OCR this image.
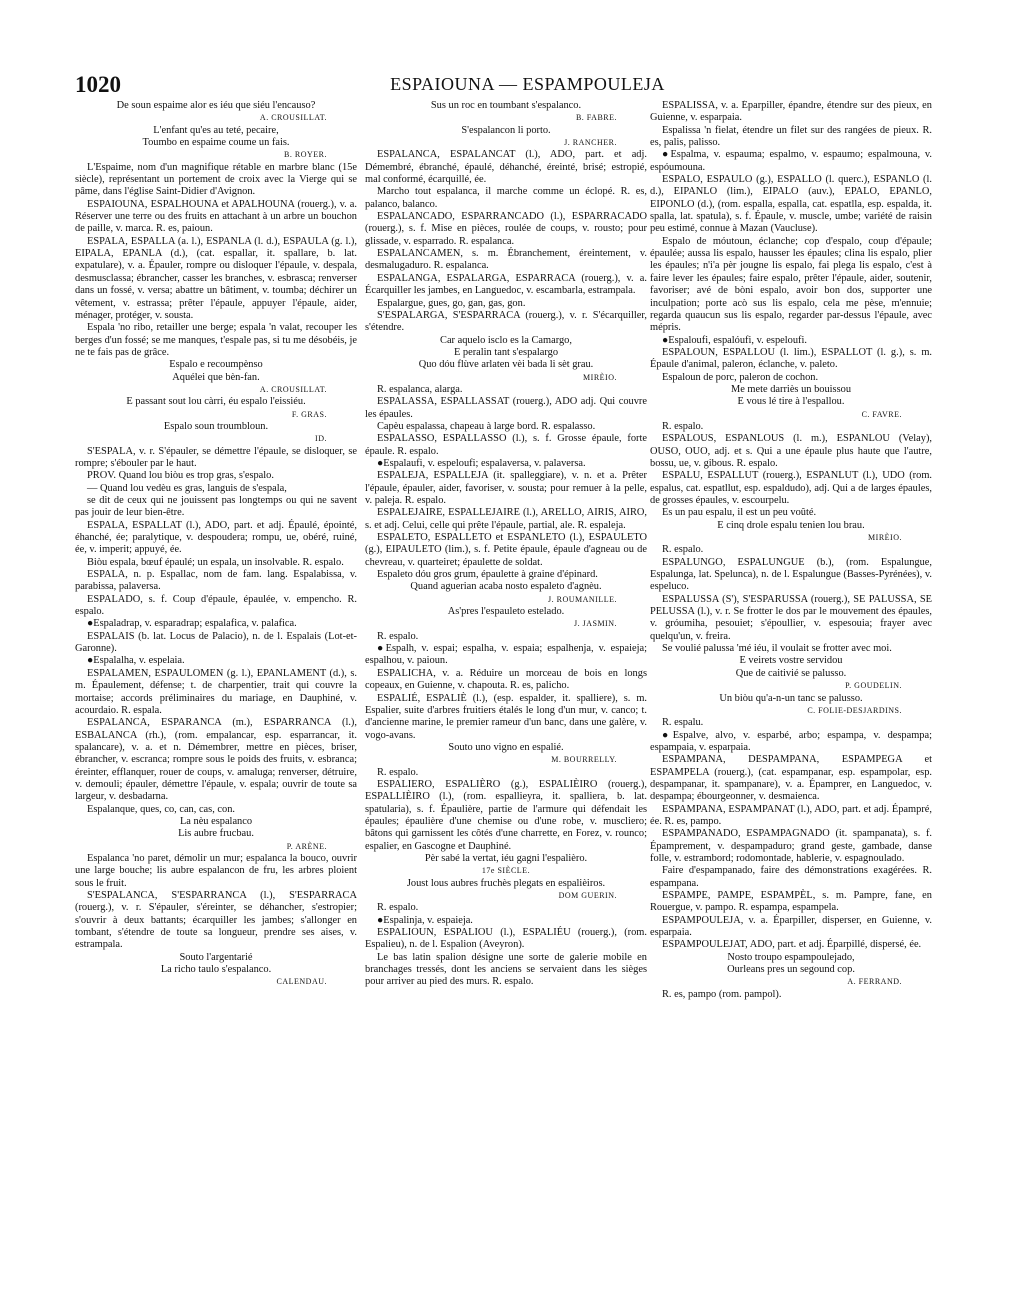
1020	ESPAIOUNA — ESPAMPOULEJA

De soun espaime alor es iéu que siéu l'encauso?

A. CROUSILLAT.

L'enfant qu'es au teté, pecaire,

Toumbo en espaime coume un fais.

B. ROYER.

L'Espaime, nom d'un magnifique rétable en marbre blanc (15e siècle), représentant un portement de croix avec la Vierge qui se pâme, dans l'église Saint-Didier d'Avignon.

ESPAIOUNA, ESPALHOUNA et APALHOUNA (rouerg.), v. a. Réserver une terre ou des fruits en attachant à un arbre un bouchon de paille, v. marca. R. es, paioun.

ESPALA, ESPALLA (a. l.), ESPANLA (l. d.), ESPAULA (g. l.), EIPALA, EPANLA (d.), (cat. espallar, it. spallare, b. lat. expatulare), v. a. Épauler, rompre ou disloquer l'épaule, v. despala, desmusclassa; ébrancher, casser les branches, v. esbrasca; renverser dans un fossé, v. versa; abattre un bâtiment, v. toumba; déchirer un vêtement, v. estrassa; prêter l'épaule, appuyer l'épaule, aider, ménager, protéger, v. sousta.

Espala 'no ribo, retailler une berge; espala 'n valat, recouper les berges d'un fossé; se me manques, t'espale pas, si tu me désobéis, je ne te fais pas de grâce.

Espalo e recoumpènso

Aquélei que bèn-fan.

A. CROUSILLAT.

E passant sout lou càrri, éu espalo l'eissiéu.

F. GRAS.

Espalo soun troumbloun.

ID.

S'ESPALA, v. r. S'épauler, se démettre l'épaule, se disloquer, se rompre; s'ébouler par le haut.

PROV. Quand lou biòu es trop gras, s'espalo.

— Quand lou vedèu es gras, languis de s'espala,

se dit de ceux qui ne jouissent pas longtemps ou qui ne savent pas jouir de leur bien-être.

ESPALA, ESPALLAT (l.), ADO, part. et adj. Épaulé, épointé, éhanché, ée; paralytique, v. despoudera; rompu, ue, obéré, ruiné, ée, v. imperit; appuyé, ée.

Biòu espala, bœuf épaulé; un espala, un insolvable. R. espalo.

ESPALA, n. p. Espallac, nom de fam. lang. Espalabissa, v. parabissa, palaversa.

ESPALADO, s. f. Coup d'épaule, épaulée, v. empencho. R. espalo.

●Espaladrap, v. esparadrap; espalafica, v. palafica.

ESPALAIS (b. lat. Locus de Palacio), n. de l. Espalais (Lot-et-Garonne).

●Espalalha, v. espelaia.

ESPALAMEN, ESPAULOMEN (g. l.), EPANLAMENT (d.), s. m. Épaulement, défense; t. de charpentier, trait qui couvre la mortaise; accords préliminaires du mariage, en Dauphiné, v. acourdaio. R. espala.

ESPALANCA, ESPARANCA (m.), ESPARRANCA (l.), ESBALANCA (rh.), (rom. empalancar, esp. esparrancar, it. spalancare), v. a. et n. Démembrer, mettre en pièces, briser, ébrancher, v. escranca; rompre sous le poids des fruits, v. esbranca; éreinter, efflanquer, rouer de coups, v. amaluga; renverser, détruire, v. demouli; épauler, démettre l'épaule, v. espala; ouvrir de toute sa largeur, v. desbadarna.

Espalanque, ques, co, can, cas, con.

La nèu espalanco

Lis aubre frucbau.

P. ARÈNE.

Espalanca 'no paret, démolir un mur; espalanca la bouco, ouvrir une large bouche; lis aubre espalancon de fru, les arbres ploient sous le fruit.

S'ESPALANCA, S'ESPARRANCA (l.), S'ESPARRACA (rouerg.), v. r. S'épauler, s'éreinter, se déhancher, s'estropier; s'ouvrir à deux battants; écarquiller les jambes; s'allonger en tombant, s'étendre de toute sa longueur, prendre ses aises, v. estrampala.

Souto l'argentarié

La richo taulo s'espalanco.

CALENDAU.

Sus un roc en toumbant s'espalanco.

B. FABRE.

S'espalancon li porto.

J. RANCHER.

ESPALANCA, ESPALANCAT (l.), ADO, part. et adj. Démembré, ébranché, épaulé, déhanché, éreinté, brisé; estropié, mal conformé, écarquillé, ée.

Marcho tout espalanca, il marche comme un éclopé. R. es, palanco, balanco.

ESPALANCADO, ESPARRANCADO (l.), ESPARRACADO (rouerg.), s. f. Mise en pièces, roulée de coups, v. rousto; pour glissade, v. esparrado. R. espalanca.

ESPALANCAMEN, s. m. Ébranchement, éreintement, v. desmalugaduro. R. espalanca.

ESPALANGA, ESPALARGA, ESPARRACA (rouerg.), v. a. Écarquiller les jambes, en Languedoc, v. escambarla, estrampala.

Espalargue, gues, go, gan, gas, gon.

S'ESPALARGA, S'ESPARRACA (rouerg.), v. r. S'écarquiller, s'étendre.

Car aquelo isclo es la Camargo,

E peralin tant s'espalargo

Quo dóu flùve arlaten vèi bada li sèt grau.

MIRÈIO.

R. espalanca, alarga.

ESPALASSA, ESPALLASSAT (rouerg.), ADO adj. Qui couvre les épaules.

Capèu espalassa, chapeau à large bord. R. espalasso.

ESPALASSO, ESPALLASSO (l.), s. f. Grosse épaule, forte épaule. R. espalo.

●Espalaufi, v. espeloufi; espalaversa, v. palaversa.

ESPALEJA, ESPALLEJA (it. spalleggiare), v. n. et a. Prêter l'épaule, épauler, aider, favoriser, v. sousta; pour remuer à la pelle, v. paleja. R. espalo.

ESPALEJAIRE, ESPALLEJAIRE (l.), ARELLO, AIRIS, AIRO, s. et adj. Celui, celle qui prête l'épaule, partial, ale. R. espaleja.

ESPALETO, ESPALLETO et ESPANLETO (l.), ESPAULETO (g.), EIPAULETO (lim.), s. f. Petite épaule, épaule d'agneau ou de chevreau, v. quarteiret; épaulette de soldat.

Espaleto dóu gros grum, épaulette à graine d'épinard.

Quand aguerian acaba nosto espaleto d'agnèu.

J. ROUMANILLE.

As'pres l'espauleto estelado.

J. JASMIN.

R. espalo.

●Espalh, v. espai; espalha, v. espaia; espalhenja, v. espaieja; espalhou, v. paioun.

ESPALICHA, v. a. Réduire un morceau de bois en longs copeaux, en Guienne, v. chapouta. R. es, palicho.

ESPALIÉ, ESPALIÈ (l.), (esp. espalder, it. spalliere), s. m. Espalier, suite d'arbres fruitiers étalés le long d'un mur, v. canco; t. d'ancienne marine, le premier rameur d'un banc, dans une galère, v. vogo-avans.

Souto uno vigno en espalié.

M. BOURRELLY.

R. espalo.

ESPALIERO, ESPALIÈRO (g.), ESPALIÈIRO (rouerg.), ESPALLIÈIRO (l.), (rom. espallieyra, it. spalliera, b. lat. spatularia), s. f. Épaulière, partie de l'armure qui défendait les épaules; épaulière d'une chemise ou d'une robe, v. muscliero; bâtons qui garnissent les côtés d'une charrette, en Forez, v. rounco; espalier, en Gascogne et Dauphiné.

Pèr sabé la vertat, iéu gagni l'espalièro.

17e SIÈCLE.

Joust lous aubres fruchès plegats en espalièiros.

DOM GUERIN.

R. espalo.

●Espalinja, v. espaieja.

ESPALIOUN, ESPALIOU (l.), ESPALIÉU (rouerg.), (rom. Espalieu), n. de l. Espalion (Aveyron).

Le bas latin spalion désigne une sorte de galerie mobile en branchages tressés, dont les anciens se servaient dans les sièges pour arriver au pied des murs. R. espalo.

ESPALISSA, v. a. Éparpiller, épandre, étendre sur des pieux, en Guienne, v. esparpaia.

Espalissa 'n fielat, étendre un filet sur des rangées de pieux. R. es, palis, palisso.

●Espalma, v. espauma; espalmo, v. espaumo; espalmouna, v. espóumouna.

ESPALO, ESPAULO (g.), ESPALLO (l. querc.), ESPANLO (l. d.), EIPANLO (lim.), EIPALO (auv.), EPALO, EPANLO, EIPONLO (d.), (rom. espalla, espalla, cat. espatlla, esp. espalda, it. spalla, lat. spatula), s. f. Épaule, v. muscle, umbe; variété de raisin peu estimé, connue à Mazan (Vaucluse).

Espalo de móutoun, éclanche; cop d'espalo, coup d'épaule; épaulée; aussa lis espalo, hausser les épaules; clina lis espalo, plier les épaules; n'i'a pèr jougne lis espalo, fai plega lis espalo, c'est à faire lever les épaules; faire espalo, prêter l'épaule, aider, soutenir, favoriser; avé de bòni espalo, avoir bon dos, supporter une inculpation; porte acò sus lis espalo, cela me pèse, m'ennuie; regarda quaucun sus lis espalo, regarder par-dessus l'épaule, avec mépris.

●Espaloufi, espalóufi, v. espeloufi.

ESPALOUN, ESPALLOU (l. lim.), ESPALLOT (l. g.), s. m. Épaule d'animal, paleron, éclanche, v. paleto.

Espaloun de porc, paleron de cochon.

Me mete darriès un bouissou

E vous lé tire à l'espallou.

C. FAVRE.

R. espalo.

ESPALOUS, ESPANLOUS (l. m.), ESPANLOU (Velay), OUSO, OUO, adj. et s. Qui a une épaule plus haute que l'autre, bossu, ue, v. gibous. R. espalo.

ESPALU, ESPALLUT (rouerg.), ESPANLUT (l.), UDO (rom. espalus, cat. espatllut, esp. espaldudo), adj. Qui a de larges épaules, de grosses épaules, v. escourpelu.

Es un pau espalu, il est un peu voûté.

E cinq drole espalu tenien lou brau.

MIRÈIO.

R. espalo.

ESPALUNGO, ESPALUNGUE (b.), (rom. Espalungue, Espalunga, lat. Spelunca), n. de l. Espalungue (Basses-Pyrénées), v. espeluco.

ESPALUSSA (S'), S'ESPARUSSA (rouerg.), SE PALUSSA, SE PELUSSA (l.), v. r. Se frotter le dos par le mouvement des épaules, v. gróumiha, pesouiet; s'époullier, v. espesouia; frayer avec quelqu'un, v. freira.

Se voulié palussa 'mé iéu, il voulait se frotter avec moi.

E veirets vostre servidou

Que de caitivié se palusso.

P. GOUDELIN.

Un biòu qu'a-n-un tanc se palusso.

C. FOLIE-DESJARDINS.

R. espalu.

●Espalve, alvo, v. esparbé, arbo; espampa, v. despampa; espampaia, v. esparpaia.

ESPAMPANA, DESPAMPANA, ESPAMPEGA et ESPAMPELA (rouerg.), (cat. espampanar, esp. espampolar, esp. despampanar, it. spampanare), v. a. Épamprer, en Languedoc, v. despampa; ébourgeonner, v. desmaienca.

ESPAMPANA, ESPAMPANAT (l.), ADO, part. et adj. Épampré, ée. R. es, pampo.

ESPAMPANADO, ESPAMPAGNADO (it. spampanata), s. f. Épamprement, v. despampaduro; grand geste, gambade, danse folle, v. estrambord; rodomontade, hablerie, v. espagnoulado.

Faire d'espampanado, faire des démonstrations exagérées. R. espampana.

ESPAMPE, PAMPE, ESPAMPÈL, s. m. Pampre, fane, en Rouergue, v. pampo. R. espampa, espampela.

ESPAMPOULEJA, v. a. Éparpiller, disperser, en Guienne, v. esparpaia.

ESPAMPOULEJAT, ADO, part. et adj. Éparpillé, dispersé, ée.

Nosto troupo espampoulejado,

Ourleans pres un segound cop.

A. FERRAND.

R. es, pampo (rom. pampol).
